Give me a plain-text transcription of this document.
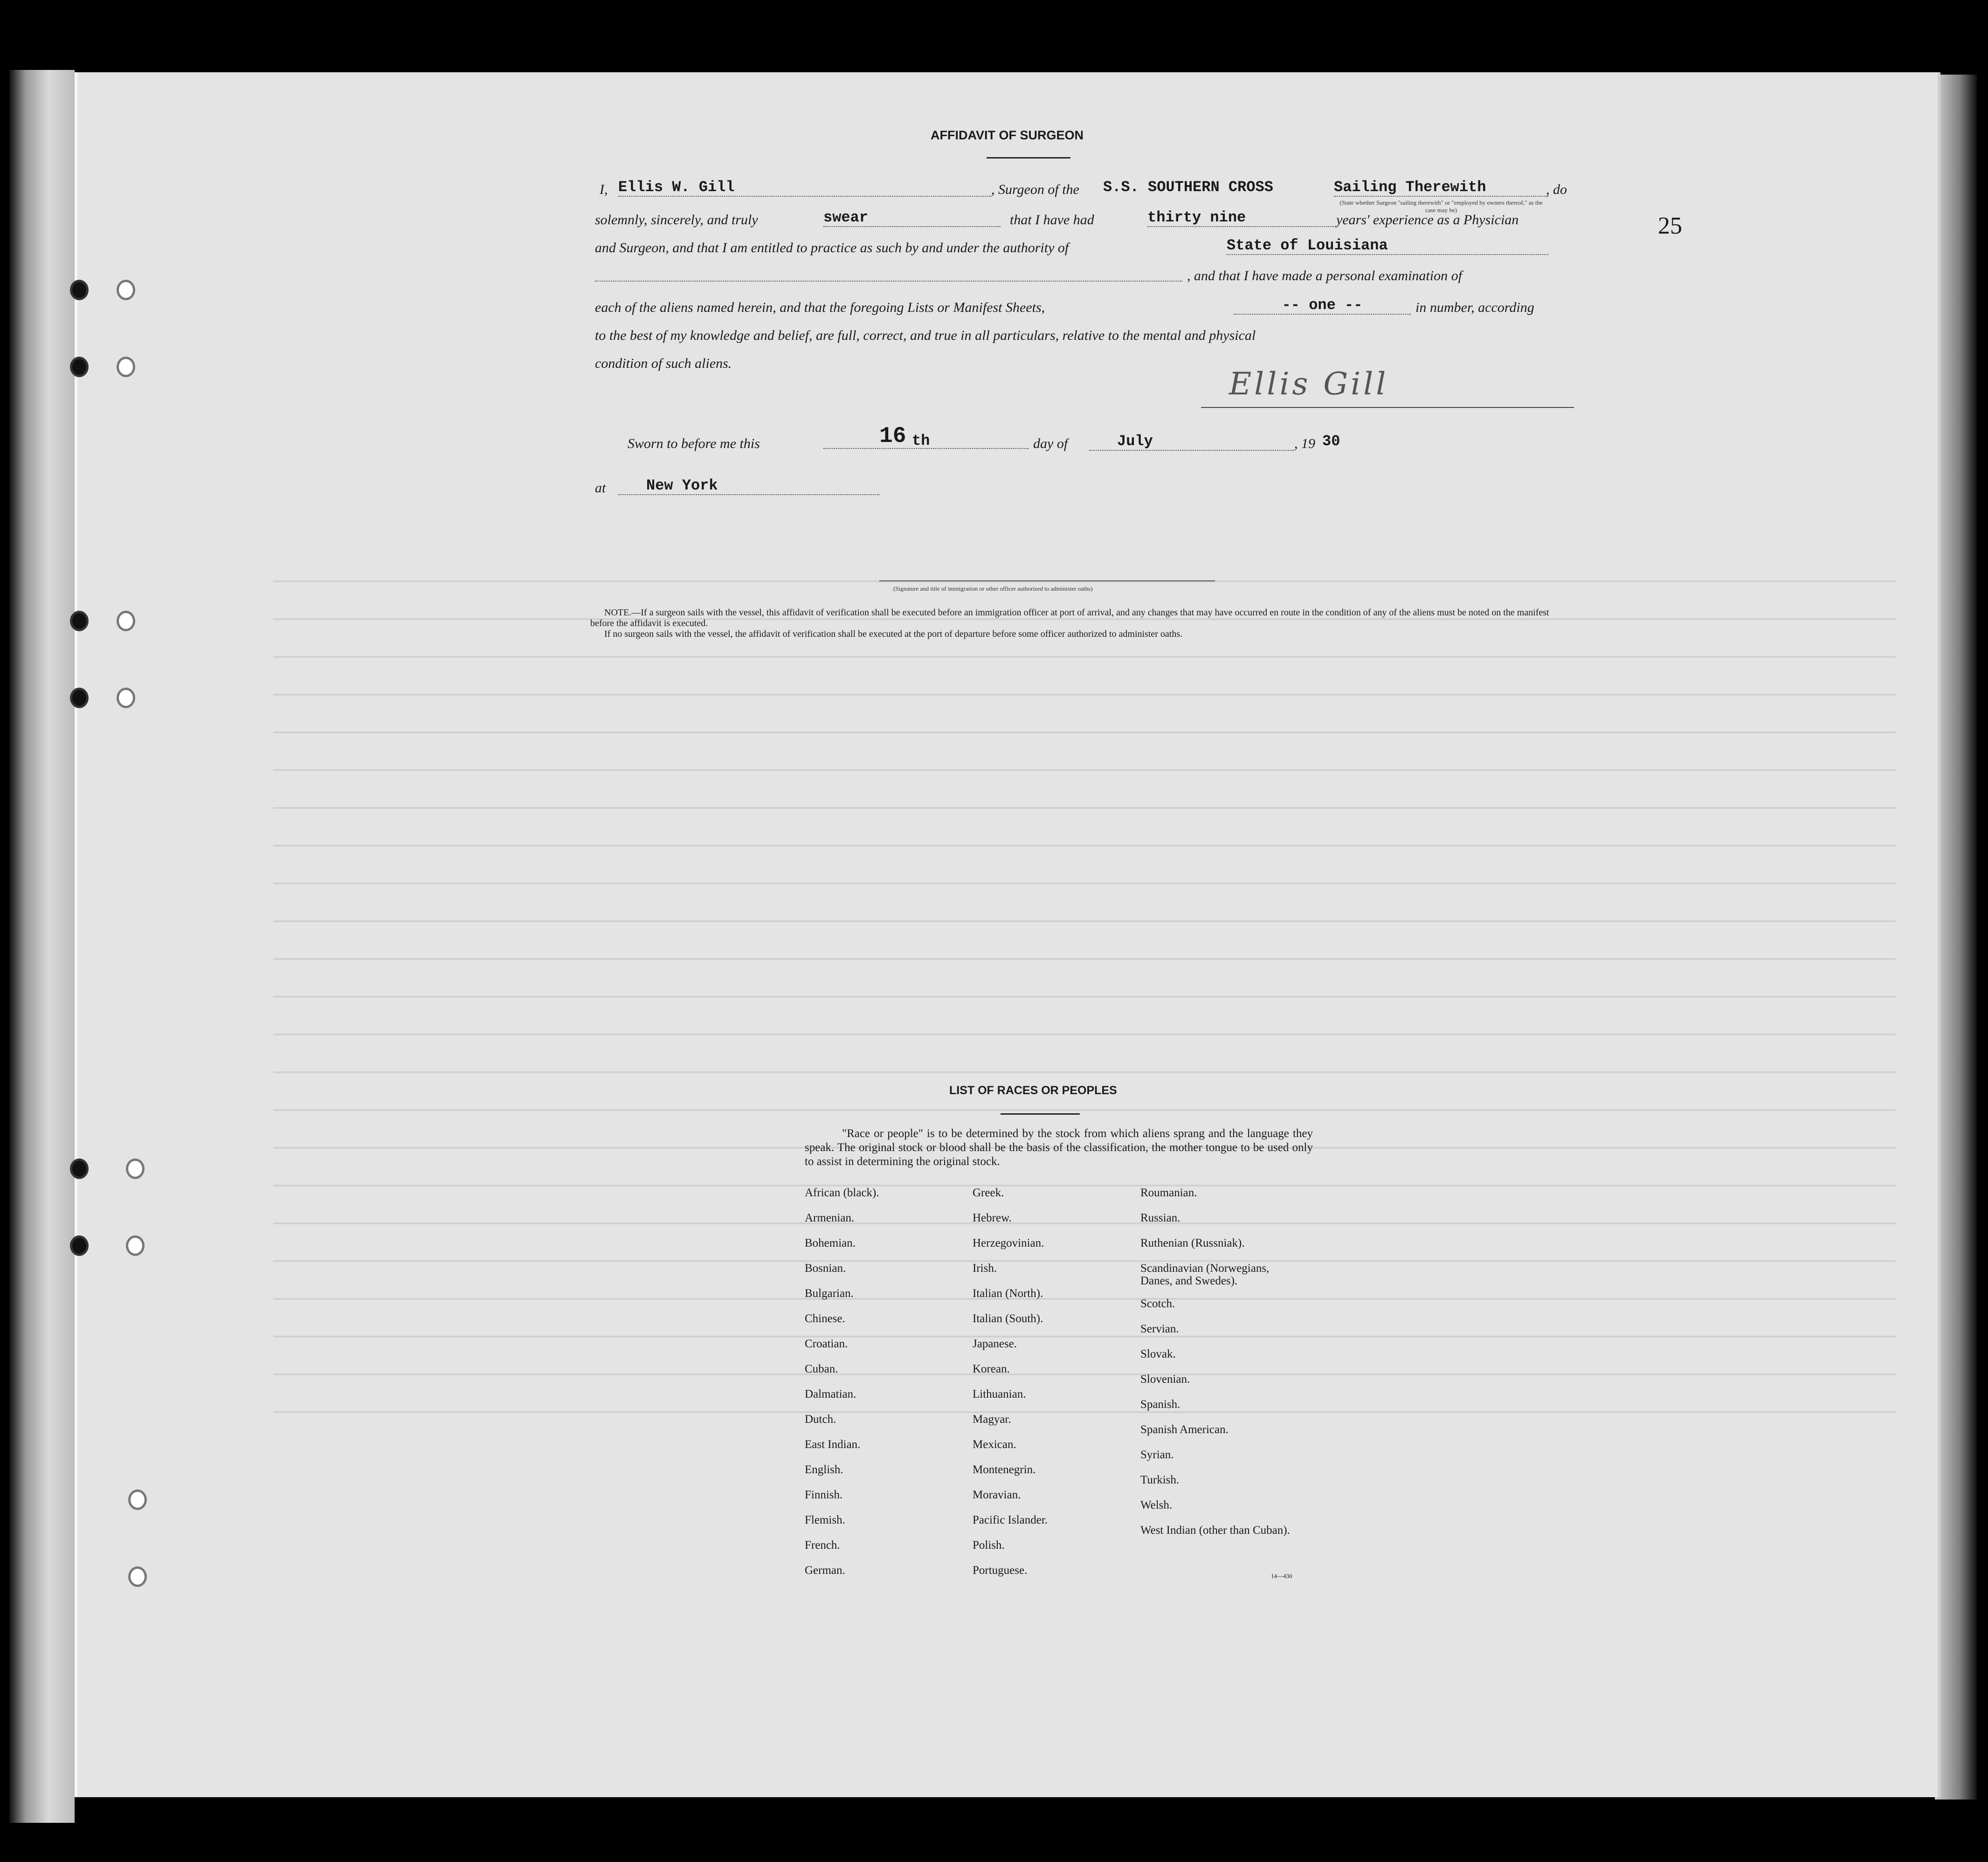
AFFIDAVIT OF SURGEON
I, Ellis W. Gill	, Surgeon of the S.S. SOUTHERN CROSS	Sailing Therewith
(State whether Surgeon "sailing therewith" or "employed by owners thereof," as the case may be)
, do
solemnly, sincerely, and truly	swear	that I have had	thirty nine	years' experience as a Physician
and Surgeon, and that I am entitled to practice as such by and under the authority of	State of Louisiana
, and that I have made a personal examination of
each of the aliens named herein, and that the foregoing Lists or Manifest Sheets,	-- one --	in number, according
to the best of my knowledge and belief, are full, correct, and true in all particulars, relative to the mental and physical
condition of such aliens.
Ellis Gill
Sworn to before me this	16 th	day of	July	, 19 30
at	New York
(Signature and title of immigration or other officer authorized to administer oaths)
NOTE.—If a surgeon sails with the vessel, this affidavit of verification shall be executed before an immigration officer at port of arrival, and any changes that may have occurred en route in the condition of any of the aliens must be noted on the manifest before the affidavit is executed.
If no surgeon sails with the vessel, the affidavit of verification shall be executed at the port of departure before some officer authorized to administer oaths.
25
LIST OF RACES OR PEOPLES
"Race or people" is to be determined by the stock from which aliens sprang and the language they speak. The original stock or blood shall be the basis of the classification, the mother tongue to be used only to assist in determining the original stock.
African (black).
Armenian.
Bohemian.
Bosnian.
Bulgarian.
Chinese.
Croatian.
Cuban.
Dalmatian.
Dutch.
East Indian.
English.
Finnish.
Flemish.
French.
German.
Greek.
Hebrew.
Herzegovinian.
Irish.
Italian (North).
Italian (South).
Japanese.
Korean.
Lithuanian.
Magyar.
Mexican.
Montenegrin.
Moravian.
Pacific Islander.
Polish.
Portuguese.
Roumanian.
Russian.
Ruthenian (Russniak).
Scandinavian (Norwegians, Danes, and Swedes).
Scotch.
Servian.
Slovak.
Slovenian.
Spanish.
Spanish American.
Syrian.
Turkish.
Welsh.
West Indian (other than Cuban).
14—430
